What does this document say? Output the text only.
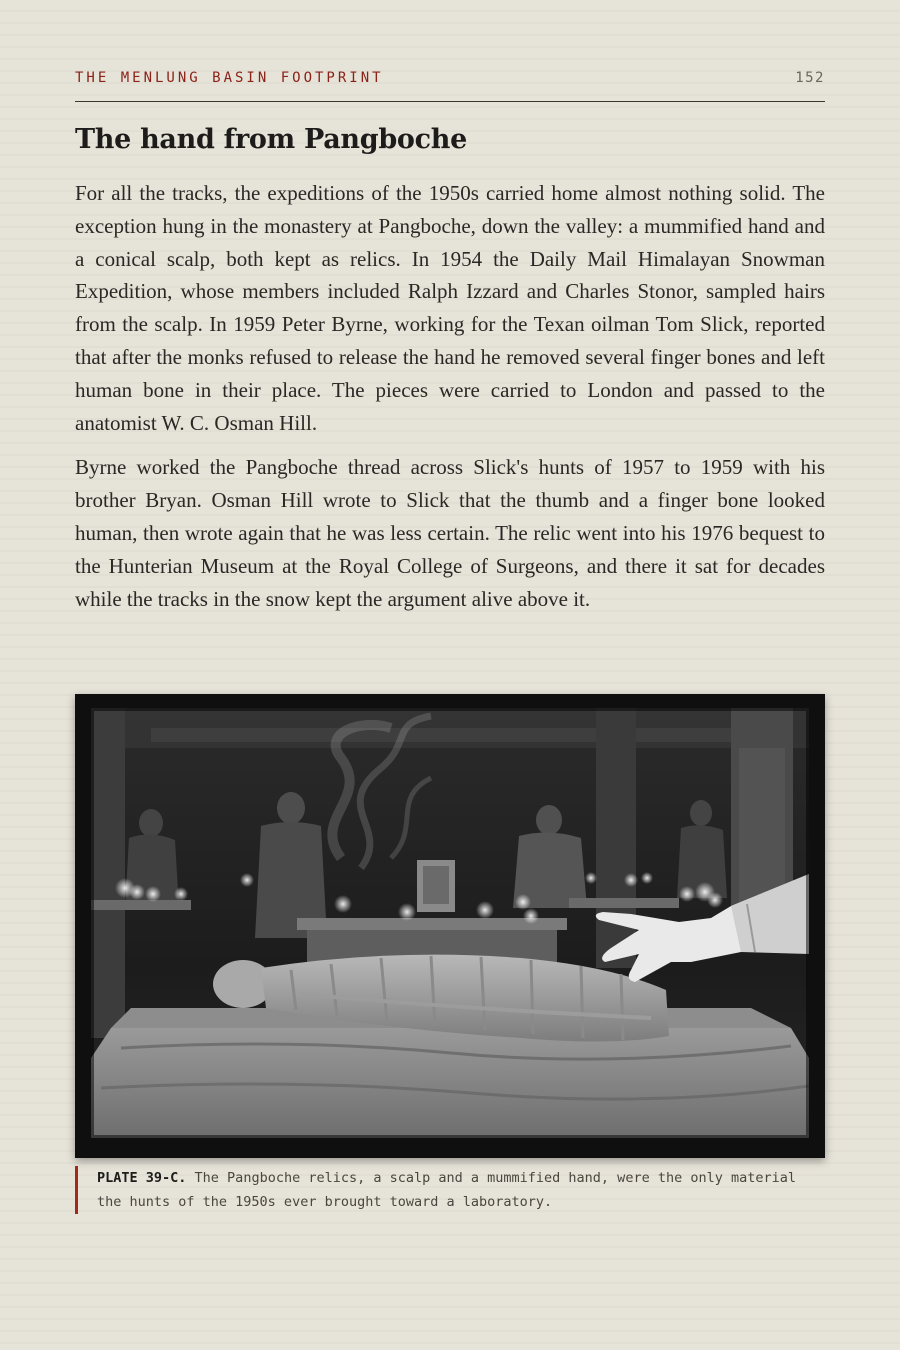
THE MENLUNG BASIN FOOTPRINT	152
The hand from Pangboche

For all the tracks, the expeditions of the 1950s carried home almost nothing solid. The exception hung in the monastery at Pangboche, down the valley: a mummified hand and a conical scalp, both kept as relics. In 1954 the Daily Mail Himalayan Snowman Expedition, whose members included Ralph Izzard and Charles Stonor, sampled hairs from the scalp. In 1959 Peter Byrne, working for the Texan oilman Tom Slick, reported that after the monks refused to release the hand he removed several finger bones and left human bone in their place. The pieces were carried to London and passed to the anatomist W. C. Osman Hill.

Byrne worked the Pangboche thread across Slick's hunts of 1957 to 1959 with his brother Bryan. Osman Hill wrote to Slick that the thumb and a finger bone looked human, then wrote again that he was less certain. The relic went into his 1976 bequest to the Hunterian Museum at the Royal College of Surgeons, and there it sat for decades while the tracks in the snow kept the argument alive above it.

PLATE 39-C. The Pangboche relics, a scalp and a mummified hand, were the only material the hunts of the 1950s ever brought toward a laboratory.
